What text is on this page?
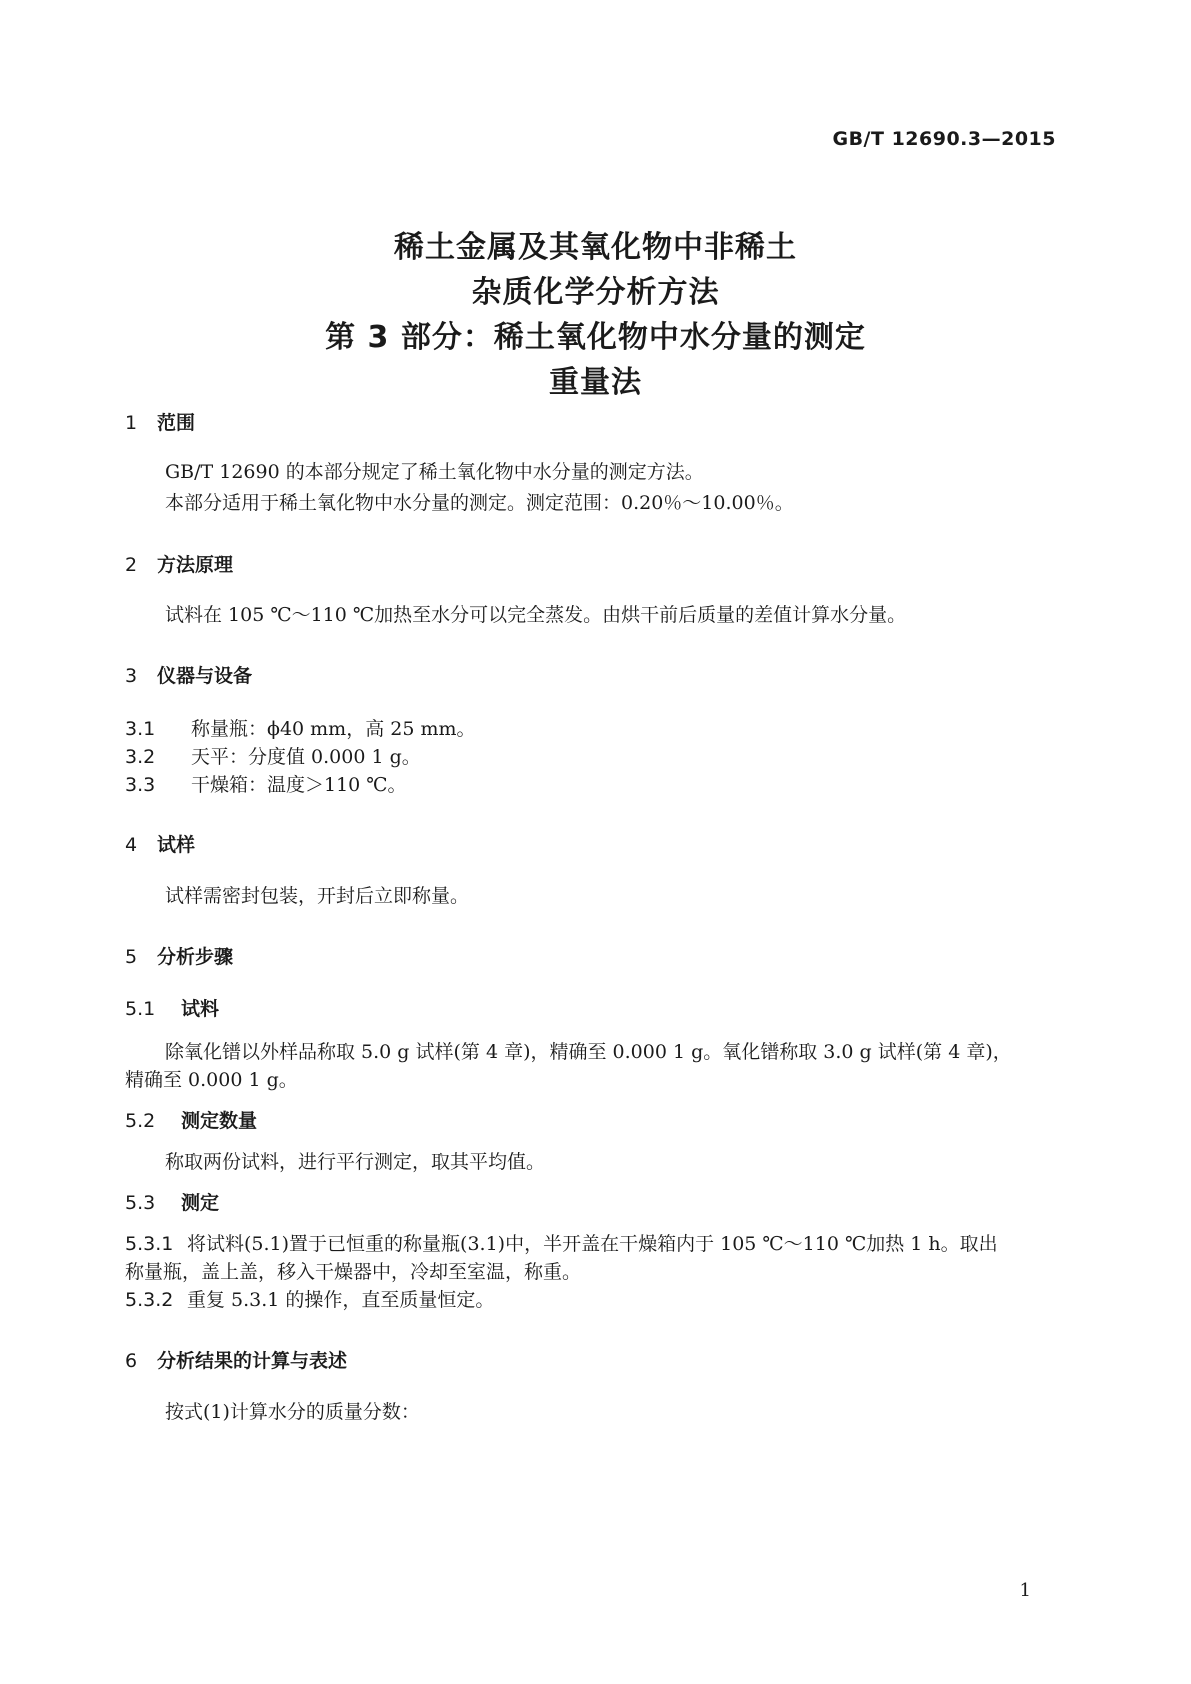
GB/T 12690.3—2015
稀土金属及其氧化物中非稀土
杂质化学分析方法
第 3 部分：稀土氧化物中水分量的测定
重量法
1 范围
GB/T 12690 的本部分规定了稀土氧化物中水分量的测定方法。
本部分适用于稀土氧化物中水分量的测定。测定范围：0.20％～10.00％。
2 方法原理
试料在 105 ℃～110 ℃加热至水分可以完全蒸发。由烘干前后质量的差值计算水分量。
3 仪器与设备
3.1 称量瓶：ϕ40 mm，高 25 mm。
3.2 天平：分度值 0.000 1 g。
3.3 干燥箱：温度＞110 ℃。
4 试样
试样需密封包装，开封后立即称量。
5 分析步骤
5.1 试料
除氧化镨以外样品称取 5.0 g 试样(第 4 章)，精确至 0.000 1 g。氧化镨称取 3.0 g 试样(第 4 章)，
精确至 0.000 1 g。
5.2 测定数量
称取两份试料，进行平行测定，取其平均值。
5.3 测定
5.3.1 将试料(5.1)置于已恒重的称量瓶(3.1)中，半开盖在干燥箱内于 105 ℃～110 ℃加热 1 h。取出
称量瓶，盖上盖，移入干燥器中，冷却至室温，称重。
5.3.2 重复 5.3.1 的操作，直至质量恒定。
6 分析结果的计算与表述
按式(1)计算水分的质量分数：
1
